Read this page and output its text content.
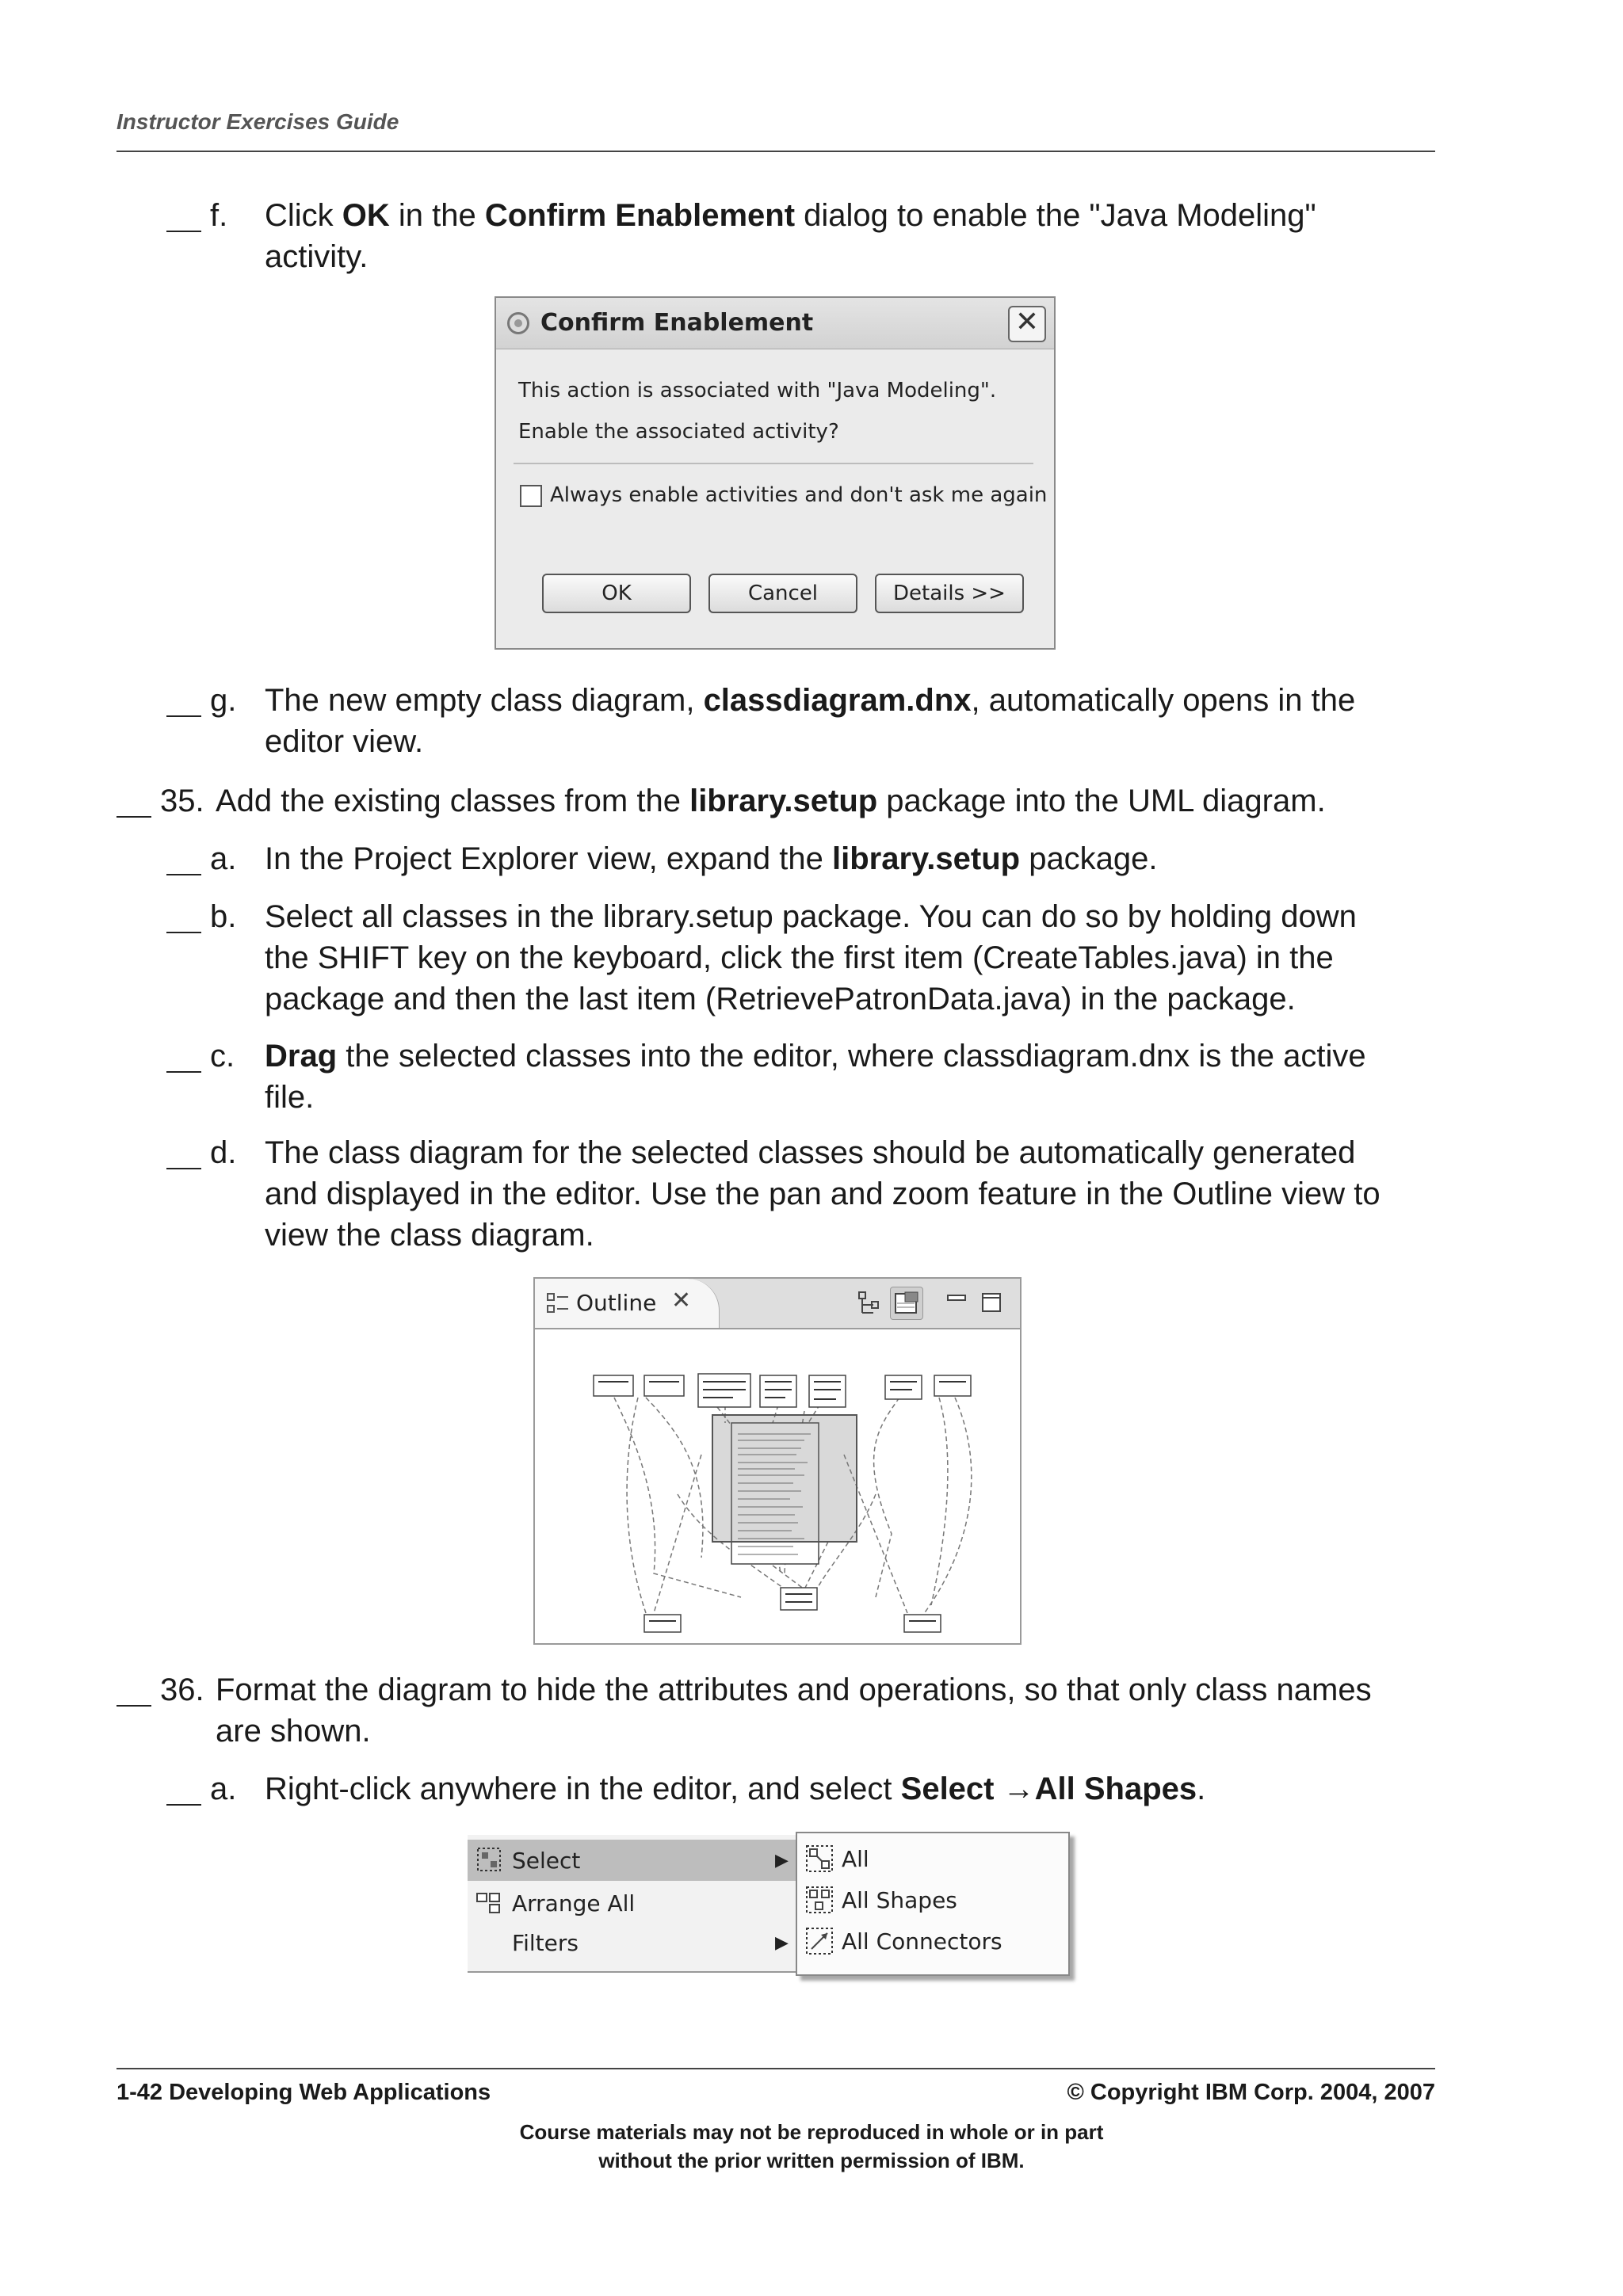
Instructor Exercises Guide
f. Click OK in the Confirm Enablement dialog to enable the "Java Modeling"
activity.
Confirm Enablement	✕
This action is associated with "Java Modeling".
Enable the associated activity?
Always enable activities and don't ask me again
OK	Cancel	Details >>
g. The new empty class diagram, classdiagram.dnx, automatically opens in the
editor view.
35. Add the existing classes from the library.setup package into the UML diagram.
a. In the Project Explorer view, expand the library.setup package.
b. Select all classes in the library.setup package. You can do so by holding down
the SHIFT key on the keyboard, click the first item (CreateTables.java) in the
package and then the last item (RetrievePatronData.java) in the package.
c. Drag the selected classes into the editor, where classdiagram.dnx is the active
file.
d. The class diagram for the selected classes should be automatically generated
and displayed in the editor. Use the pan and zoom feature in the Outline view to
view the class diagram.
Outline ✕
36. Format the diagram to hide the attributes and operations, so that only class names
are shown.
a. Right-click anywhere in the editor, and select Select →All Shapes.
Select	▶
Arrange All
Filters	▶
All
All Shapes
All Connectors
1-42 Developing Web Applications	© Copyright IBM Corp. 2004, 2007
Course materials may not be reproduced in whole or in part
without the prior written permission of IBM.
